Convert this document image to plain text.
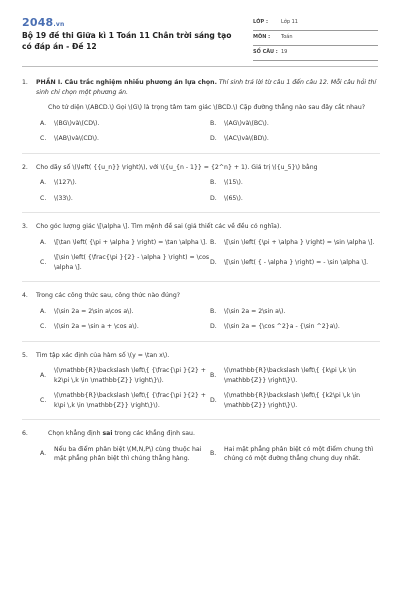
2048.vn
Bộ 19 đề thi Giữa kì 1 Toán 11 Chân trời sáng tạo có đáp án - Đề 12
LỚP :	Lớp 11
MÔN : Toán
SỐ CÂU : 19
1.	PHẦN I. Câu trắc nghiệm nhiều phương án lựa chọn. Thí sinh trả lời từ câu 1 đến câu 12. Mỗi câu hỏi thí sinh chỉ chọn một phương án.
Cho tứ diện \(ABCD.\) Gọi \(G\) là trọng tâm tam giác \(BCD.\) Cặp đường thẳng nào sau đây cắt nhau?
A.	\(BG\)và\(CD\).	B.	\(AG\)và\(BC\).
C.	\(AB\)và\(CD\).	D.	\(AC\)và\(BD\).
2.	Cho dãy số \(\left( {{u_n}} \right)\), với \({u_{n - 1}} = {2^n} + 1). Giá trị \({u_5}\) bằng
A.	\(127\).	B.	\(15\).
C.	\(33\).	D.	\(65\).
3.	Cho góc lượng giác \[\alpha \]. Tìm mệnh đề sai (giả thiết các về đều có nghĩa).
A.	\[\tan \left( {\pi + \alpha } \right) = \tan \alpha \]. B.	\[\sin \left( {\pi + \alpha } \right) = \sin \alpha \].
C.
\[\sin \left( {\frac{\pi }{2} - \alpha } \right) = \cos \alpha \].
D.	\[\sin \left( { - \alpha } \right) = - \sin \alpha \].
4.	Trong các công thức sau, công thức nào đúng?
A.	\(\sin 2a = 2\sin a\cos a\).	B.	\(\sin 2a = 2\sin a\).
C.	\(\sin 2a = \sin a + \cos a\).	D.	\(\sin 2a = {\cos ^2}a - {\sin ^2}a\).
5.	Tìm tập xác định của hàm số \(y = \tan x\).
A.
\(\mathbb{R}\backslash \left\{ {\frac{\pi }{2} + k2\pi \,k \in \mathbb{Z}} \right\}\).
B.
\(\mathbb{R}\backslash \left\{ {k\pi \,k \in \mathbb{Z}} \right\}\).
C.
\(\mathbb{R}\backslash \left\{ {\frac{\pi }{2} + k\pi \,k \in \mathbb{Z}} \right\}\).
D.
\(\mathbb{R}\backslash \left\{ {k2\pi \,k \in \mathbb{Z}} \right\}\).
6.	Chọn khẳng định sai trong các khẳng định sau.
A.
Nếu ba điểm phân biệt \(M,N,P\) cùng thuộc hai mặt phẳng phân biệt thì chúng thẳng hàng.
B.
Hai mặt phẳng phân biệt có một điểm chung thì chúng có một đường thẳng chung duy nhất.
